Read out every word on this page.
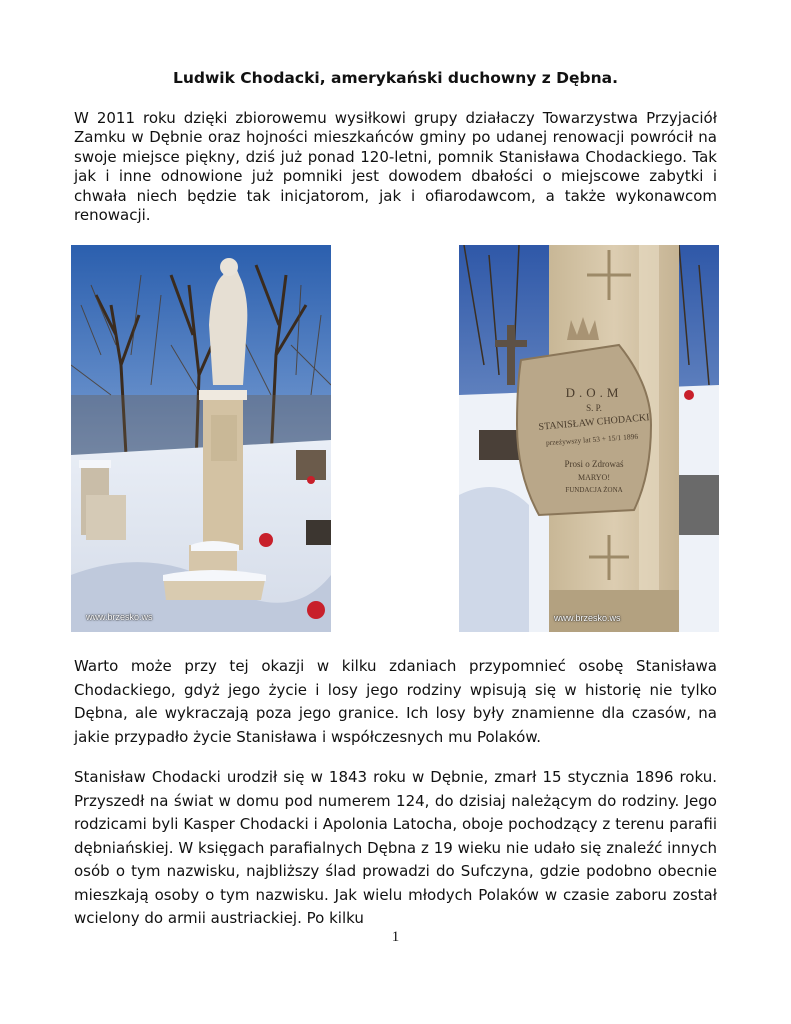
Ludwik Chodacki, amerykański duchowny z Dębna.

W 2011 roku dzięki zbiorowemu wysiłkowi grupy działaczy Towarzystwa Przyjaciół Zamku w Dębnie oraz hojności mieszkańców gminy po udanej renowacji powrócił na swoje miejsce piękny, dziś już ponad 120-letni, pomnik Stanisława Chodackiego. Tak jak i inne odnowione już pomniki jest dowodem dbałości o miejscowe zabytki i chwała niech będzie tak inicjatorom, jak i ofiarodawcom, a także wykonawcom renowacji.

www.brzesko.ws
D.O.M
S. P.
STANISŁAW CHODACKI
przeżywszy lat 53 + 15/1 1896
Prosi o Zdrowaś
MARYO!
FUNDACJA ŻONA
www.brzesko.ws

Warto może przy tej okazji w kilku zdaniach przypomnieć osobę Stanisława Chodackiego, gdyż jego życie i losy jego rodziny wpisują się w historię nie tylko Dębna, ale wykraczają poza jego granice. Ich losy były znamienne dla czasów, na jakie przypadło życie Stanisława i współczesnych mu Polaków.

Stanisław Chodacki urodził się w 1843 roku w Dębnie, zmarł 15 stycznia 1896 roku. Przyszedł na świat w domu pod numerem 124, do dzisiaj należącym do rodziny. Jego rodzicami byli Kasper Chodacki i Apolonia Latocha, oboje pochodzący z terenu parafii dębniańskiej. W księgach parafialnych Dębna z 19 wieku nie udało się znaleźć innych osób o tym nazwisku, najbliższy ślad prowadzi do Sufczyna, gdzie podobno obecnie mieszkają osoby o tym nazwisku. Jak wielu młodych Polaków w czasie zaboru został wcielony do armii austriackiej. Po kilku

1
